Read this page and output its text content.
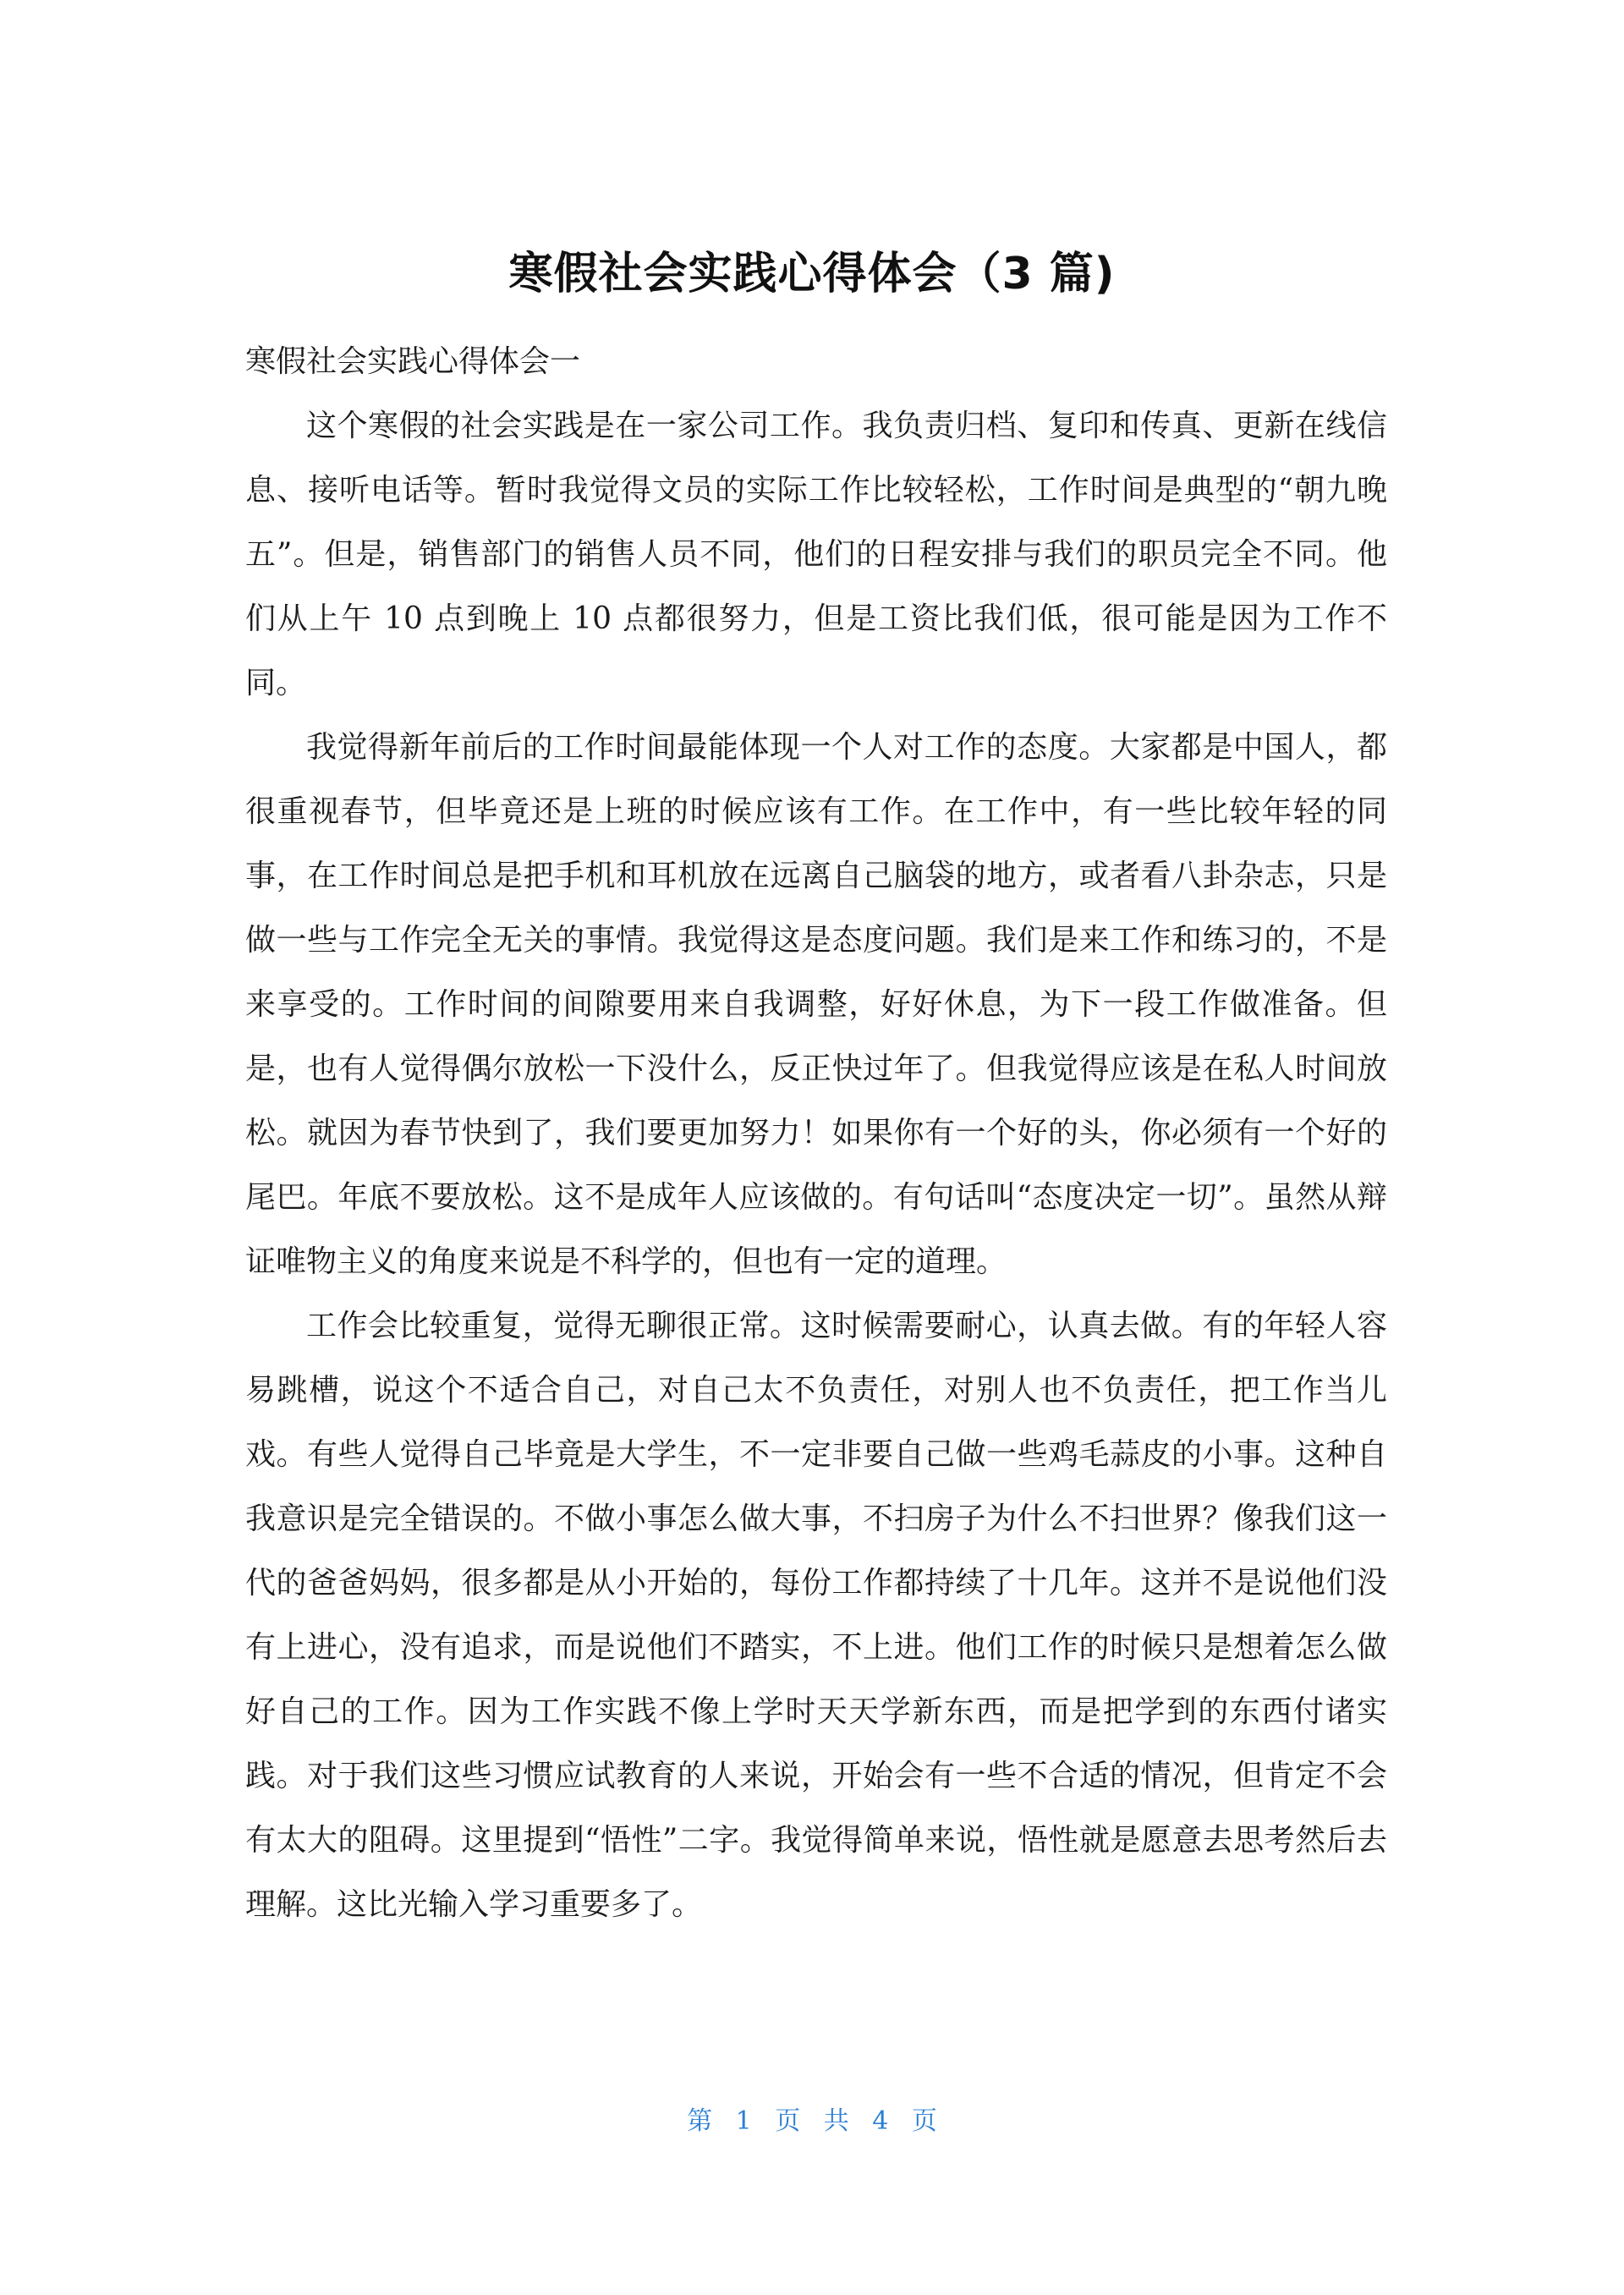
寒假社会实践心得体会（3 篇)

寒假社会实践心得体会一

这个寒假的社会实践是在一家公司工作。我负责归档、复印和传真、更新在线信息、接听电话等。暂时我觉得文员的实际工作比较轻松，工作时间是典型的“朝九晚五”。但是，销售部门的销售人员不同，他们的日程安排与我们的职员完全不同。他们从上午 10 点到晚上 10 点都很努力，但是工资比我们低，很可能是因为工作不同。

我觉得新年前后的工作时间最能体现一个人对工作的态度。大家都是中国人，都很重视春节，但毕竟还是上班的时候应该有工作。在工作中，有一些比较年轻的同事，在工作时间总是把手机和耳机放在远离自己脑袋的地方，或者看八卦杂志，只是做一些与工作完全无关的事情。我觉得这是态度问题。我们是来工作和练习的，不是来享受的。工作时间的间隙要用来自我调整，好好休息，为下一段工作做准备。但是，也有人觉得偶尔放松一下没什么，反正快过年了。但我觉得应该是在私人时间放松。就因为春节快到了，我们要更加努力！如果你有一个好的头，你必须有一个好的尾巴。年底不要放松。这不是成年人应该做的。有句话叫“态度决定一切”。虽然从辩证唯物主义的角度来说是不科学的，但也有一定的道理。

工作会比较重复，觉得无聊很正常。这时候需要耐心，认真去做。有的年轻人容易跳槽，说这个不适合自己，对自己太不负责任，对别人也不负责任，把工作当儿戏。有些人觉得自己毕竟是大学生，不一定非要自己做一些鸡毛蒜皮的小事。这种自我意识是完全错误的。不做小事怎么做大事，不扫房子为什么不扫世界？像我们这一代的爸爸妈妈，很多都是从小开始的，每份工作都持续了十几年。这并不是说他们没有上进心，没有追求，而是说他们不踏实，不上进。他们工作的时候只是想着怎么做好自己的工作。因为工作实践不像上学时天天学新东西，而是把学到的东西付诸实践。对于我们这些习惯应试教育的人来说，开始会有一些不合适的情况，但肯定不会有太大的阻碍。这里提到“悟性”二字。我觉得简单来说，悟性就是愿意去思考然后去理解。这比光输入学习重要多了。

第 1 页 共 4 页
